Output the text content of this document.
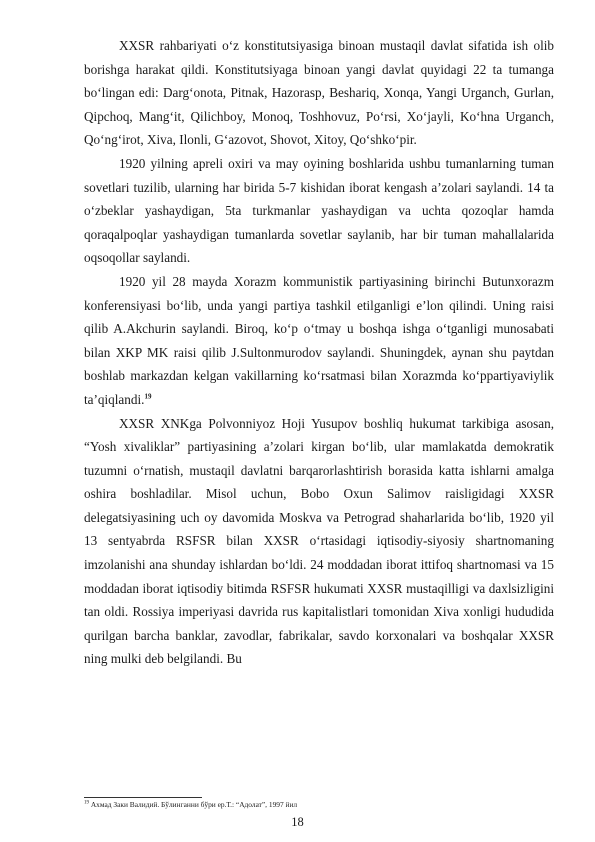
XXSR rahbariyati o‘z konstitutsiyasiga binoan mustaqil davlat sifatida ish olib borishga harakat qildi. Konstitutsiyaga binoan yangi davlat quyidagi 22 ta tumanga bo‘lingan edi: Darg‘onota, Pitnak, Hazorasp, Beshariq, Xonqa, Yangi Urganch, Gurlan, Qipchoq, Mang‘it, Qilichboy, Monoq, Toshhovuz, Po‘rsi, Xo‘jayli, Ko‘hna Urganch, Qo‘ng‘irot, Xiva, Ilonli, G‘azovot, Shovot, Xitoy, Qo‘shko‘pir.

1920 yilning apreli oxiri va may oyining boshlarida ushbu tumanlarning tuman sovetlari tuzilib, ularning har birida 5-7 kishidan iborat kengash a’zolari saylandi. 14 ta o‘zbeklar yashaydigan, 5ta turkmanlar yashaydigan va uchta qozoqlar hamda qoraqalpoqlar yashaydigan tumanlarda sovetlar saylanib, har bir tuman mahallalarida oqsoqollar saylandi.

1920 yil 28 mayda Xorazm kommunistik partiyasining birinchi Butunxorazm konferensiyasi bo‘lib, unda yangi partiya tashkil etilganligi e’lon qilindi. Uning raisi qilib A.Akchurin saylandi. Biroq, ko‘p o‘tmay u boshqa ishga o‘tganligi munosabati bilan XKP MK raisi qilib J.Sultonmurodov saylandi. Shuningdek, aynan shu paytdan boshlab markazdan kelgan vakillarning ko‘rsatmasi bilan Xorazmda ko‘ppartiyaviylik ta’qiqlandi.$^{19}$

XXSR XNKga Polvonniyoz Hoji Yusupov boshliq hukumat tarkibiga asosan, “Yosh xivaliklar” partiyasining a’zolari kirgan bo‘lib, ular mamlakatda demokratik tuzumni o‘rnatish, mustaqil davlatni barqarorlashtirish borasida katta ishlarni amalga oshira boshladilar. Misol uchun, Bobo Oxun Salimov raisligidagi XXSR delegatsiyasining uch oy davomida Moskva va Petrograd shaharlarida bo‘lib, 1920 yil 13 sentyabrda RSFSR bilan XXSR o‘rtasidagi iqtisodiy-siyosiy shartnomaning imzolanishi ana shunday ishlardan bo‘ldi. 24 moddadan iborat ittifoq shartnomasi va 15 moddadan iborat iqtisodiy bitimda RSFSR hukumati XXSR mustaqilligi va daxlsizligini tan oldi. Rossiya imperiyasi davrida rus kapitalistlari tomonidan Xiva xonligi hududida qurilgan barcha banklar, zavodlar, fabrikalar, savdo korxonalari va boshqalar XXSR ning mulki deb belgilandi. Bu

$^{19}$ Ахмад Заки Валидий. Бўлинганни бўри ер.Т.: “Адолат”, 1997 йил
18
